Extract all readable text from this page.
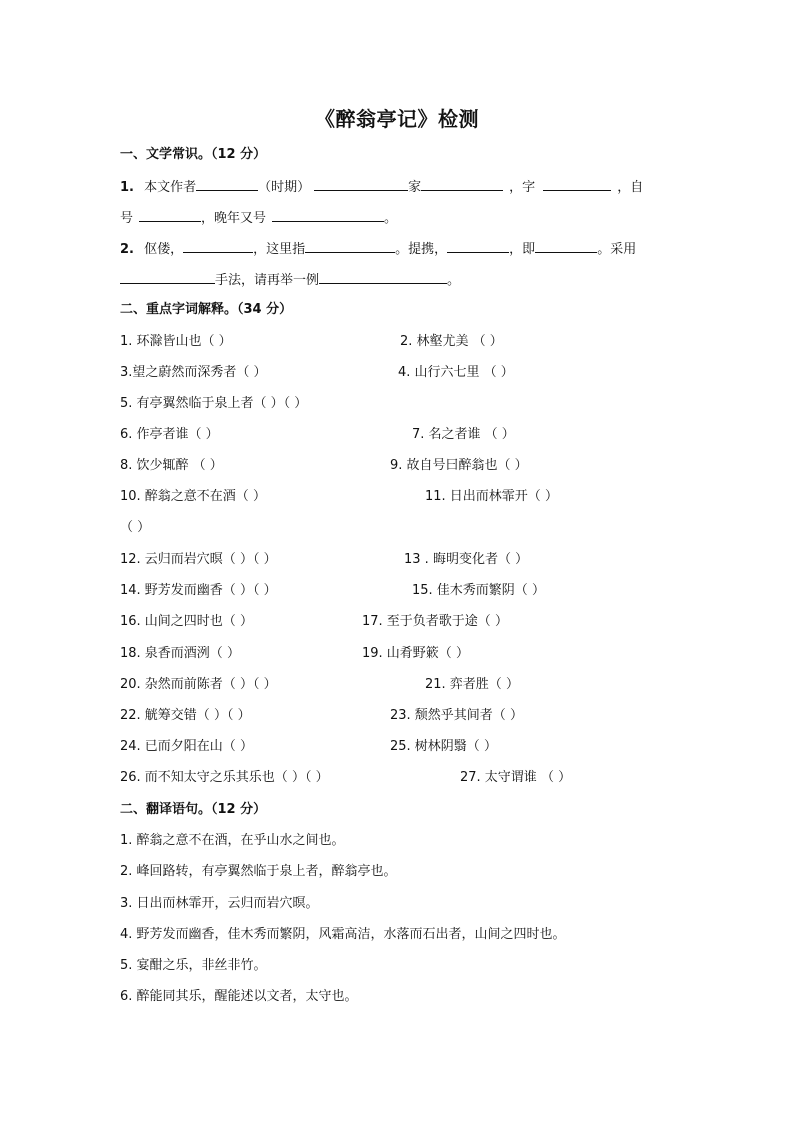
《醉翁亭记》检测
一、文学常识。（12 分）
1. 本文作者	（时期）	家	，字	，自
号	，晚年又号	。
2. 伛偻，	，这里指	。提携，	，即	。采用
手法，请再举一例	。
二、重点字词解释。（34 分）
1. 环滁皆山也（ ）	2. 林壑尤美 （ ）
3.望之蔚然而深秀者（ ）	4. 山行六七里 （ ）
5. 有亭翼然临于泉上者（ ）（ ）
6. 作亭者谁（ ）	7. 名之者谁 （ ）
8. 饮少辄醉 （ ）	9. 故自号曰醉翁也（ ）
10. 醉翁之意不在酒（ ）	11. 日出而林霏开（ ）
（ ）
12. 云归而岩穴暝（ ）（ ）	13 . 晦明变化者（ ）
14. 野芳发而幽香（ ）（ ）	15. 佳木秀而繁阴（ ）
16. 山间之四时也（ ）	17. 至于负者歌于途（ ）
18. 泉香而酒洌（ ）	19. 山肴野簌（ ）
20. 杂然而前陈者（ ）（ ）	21. 弈者胜（ ）
22. 觥筹交错（ ）（ ）	23. 颓然乎其间者（ ）
24. 已而夕阳在山（ ）	25. 树林阴翳（ ）
26. 而不知太守之乐其乐也（ ）（ ）	27. 太守谓谁 （ ）
二、翻译语句。（12 分）
1. 醉翁之意不在酒，在乎山水之间也。
2. 峰回路转，有亭翼然临于泉上者，醉翁亭也。
3. 日出而林霏开，云归而岩穴暝。
4. 野芳发而幽香，佳木秀而繁阴，风霜高洁，水落而石出者，山间之四时也。
5. 宴酣之乐，非丝非竹。
6. 醉能同其乐，醒能述以文者，太守也。
